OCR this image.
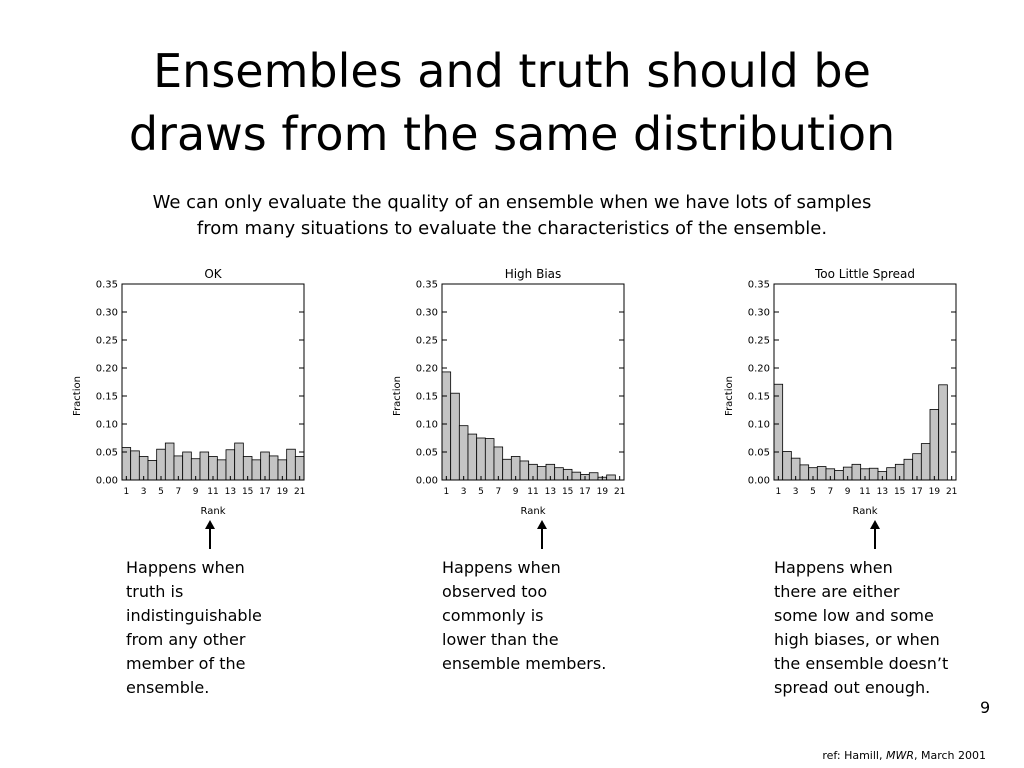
Ensembles and truth should be
draws from the same distribution
We can only evaluate the quality of an ensemble when we have lots of samples
from many situations to evaluate the characteristics of the ensemble.
OK
0.00
0.05
0.10
0.15
0.20
0.25
0.30
0.35
1 3 5 7 9 11 13 15 17 19 21
Rank
Fraction
High Bias
0.00
0.05
0.10
0.15
0.20
0.25
0.30
0.35
1 3 5 7 9 11 13 15 17 19 21
Rank
Fraction
Too Little Spread
0.00
0.05
0.10
0.15
0.20
0.25
0.30
0.35
1 3 5 7 9 11 13 15 17 19 21
Rank
Fraction
Happens when
truth is
indistinguishable
from any other
member of the
ensemble.
Happens when
observed too
commonly is
lower than the
ensemble members.
Happens when
there are either
some low and some
high biases, or when
the ensemble doesn’t
spread out enough.
9
ref: Hamill, MWR, March 2001
